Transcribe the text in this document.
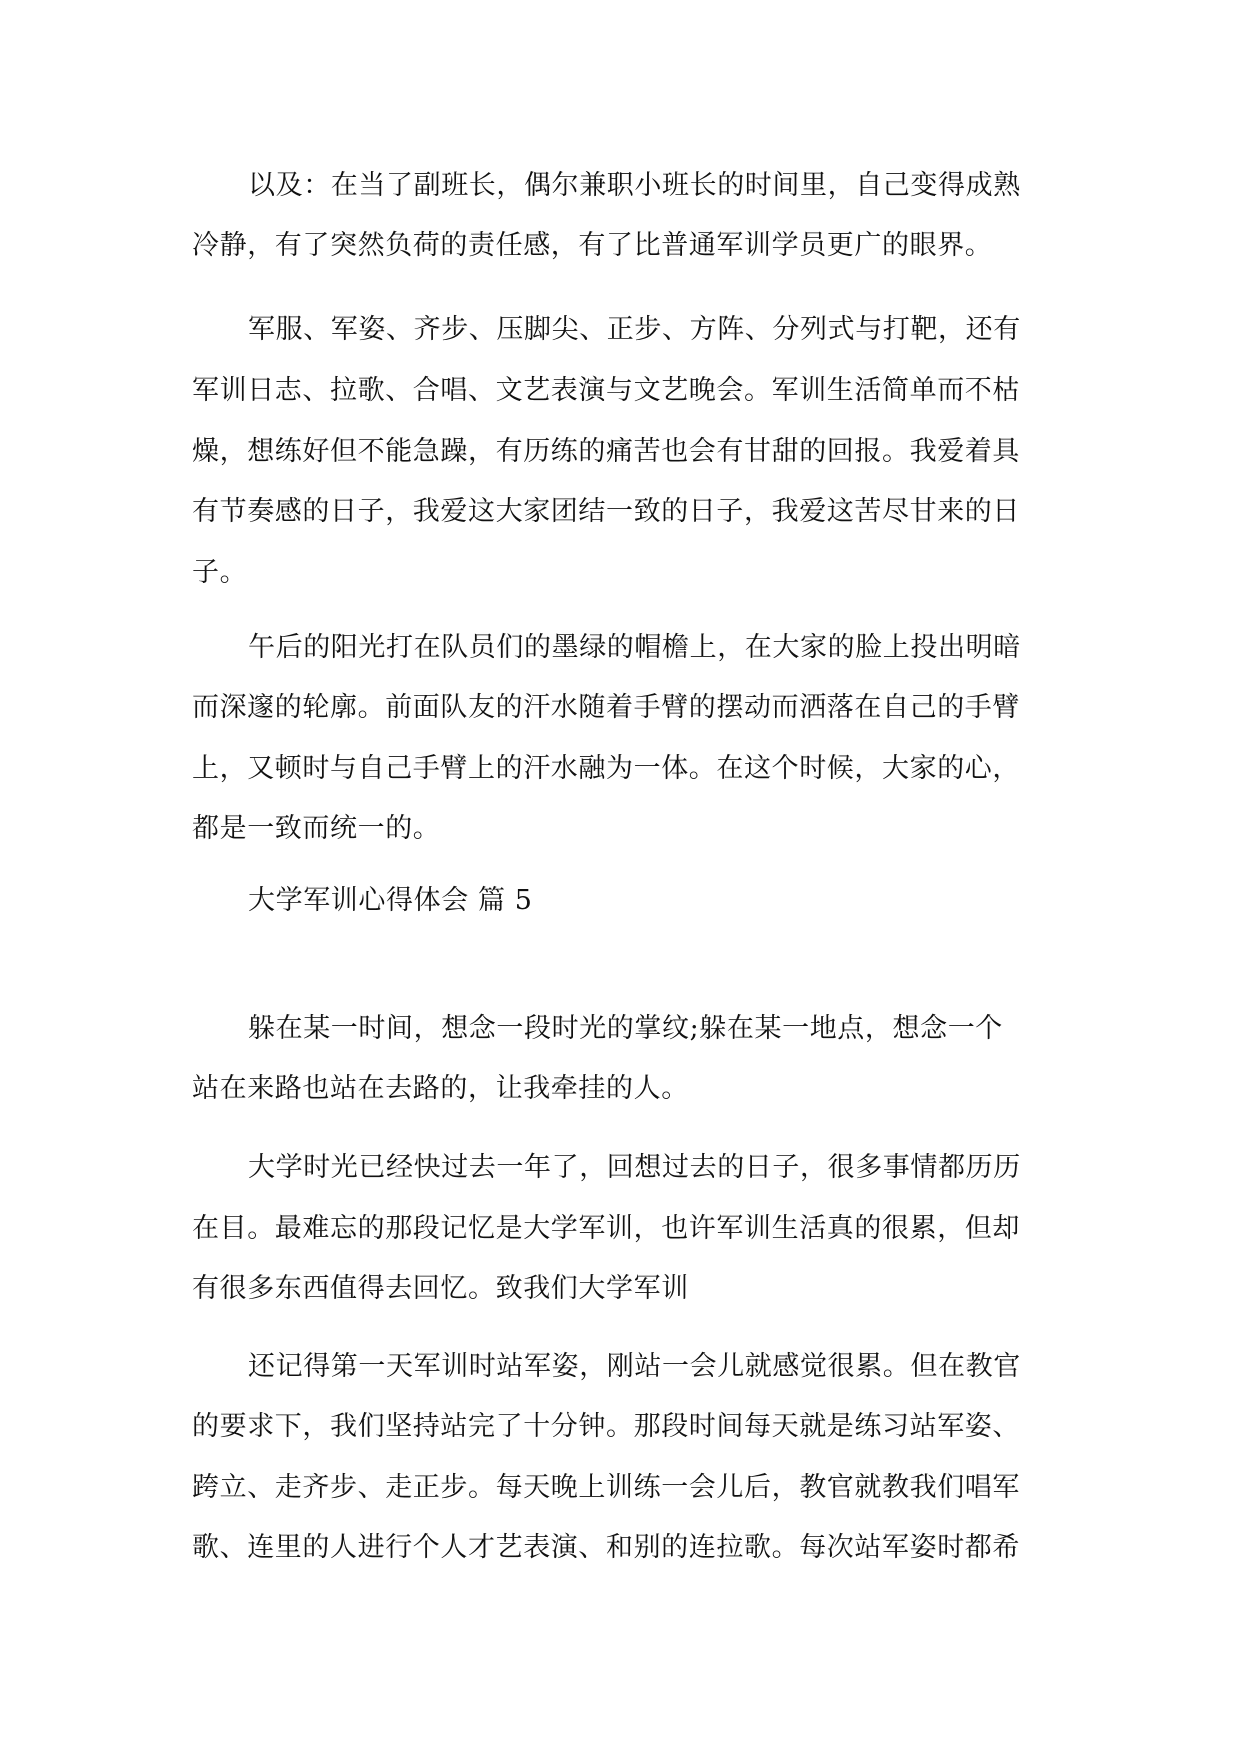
以及：在当了副班长，偶尔兼职小班长的时间里，自己变得成熟
冷静，有了突然负荷的责任感，有了比普通军训学员更广的眼界。
军服、军姿、齐步、压脚尖、正步、方阵、分列式与打靶，还有
军训日志、拉歌、合唱、文艺表演与文艺晚会。军训生活简单而不枯
燥，想练好但不能急躁，有历练的痛苦也会有甘甜的回报。我爱着具
有节奏感的日子，我爱这大家团结一致的日子，我爱这苦尽甘来的日
子。
午后的阳光打在队员们的墨绿的帽檐上，在大家的脸上投出明暗
而深邃的轮廓。前面队友的汗水随着手臂的摆动而洒落在自己的手臂
上，又顿时与自己手臂上的汗水融为一体。在这个时候，大家的心，
都是一致而统一的。
大学军训心得体会 篇 5
躲在某一时间，想念一段时光的掌纹;躲在某一地点，想念一个
站在来路也站在去路的，让我牵挂的人。
大学时光已经快过去一年了，回想过去的日子，很多事情都历历
在目。最难忘的那段记忆是大学军训，也许军训生活真的很累，但却
有很多东西值得去回忆。致我们大学军训
还记得第一天军训时站军姿，刚站一会儿就感觉很累。但在教官
的要求下，我们坚持站完了十分钟。那段时间每天就是练习站军姿、
跨立、走齐步、走正步。每天晚上训练一会儿后，教官就教我们唱军
歌、连里的人进行个人才艺表演、和别的连拉歌。每次站军姿时都希
